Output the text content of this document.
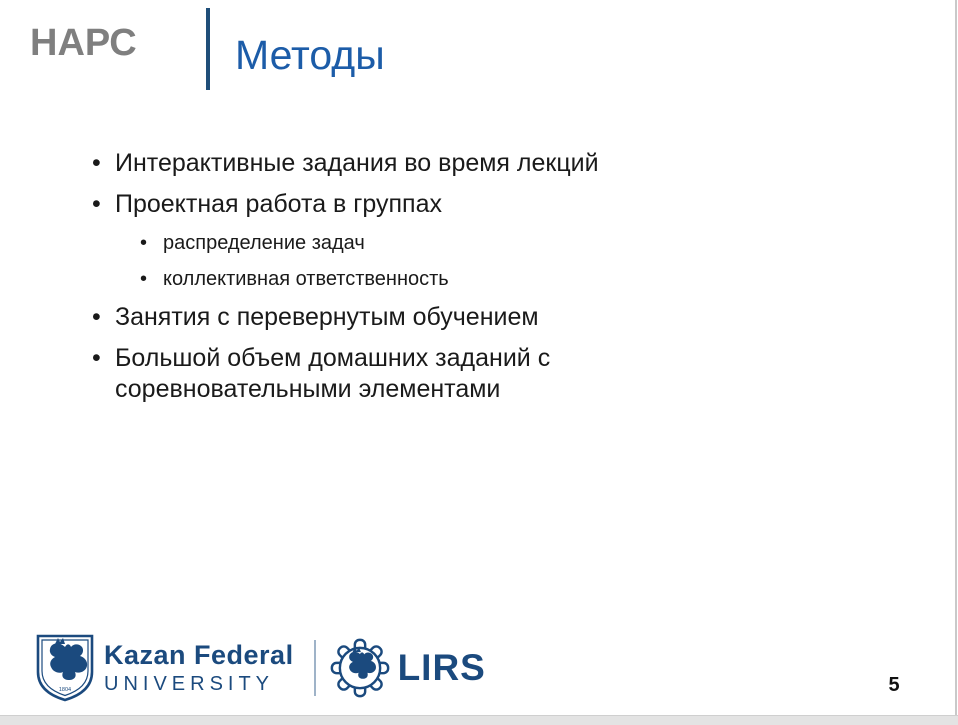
НАРС Методы
• Интерактивные задания во время лекций
• Проектная работа в группах
• распределение задач
• коллективная ответственность
• Занятия с перевернутым обучением
• Большой объем домашних заданий с соревновательными элементами
1804
Kazan Federal
UNIVERSITY	LIRS	5
